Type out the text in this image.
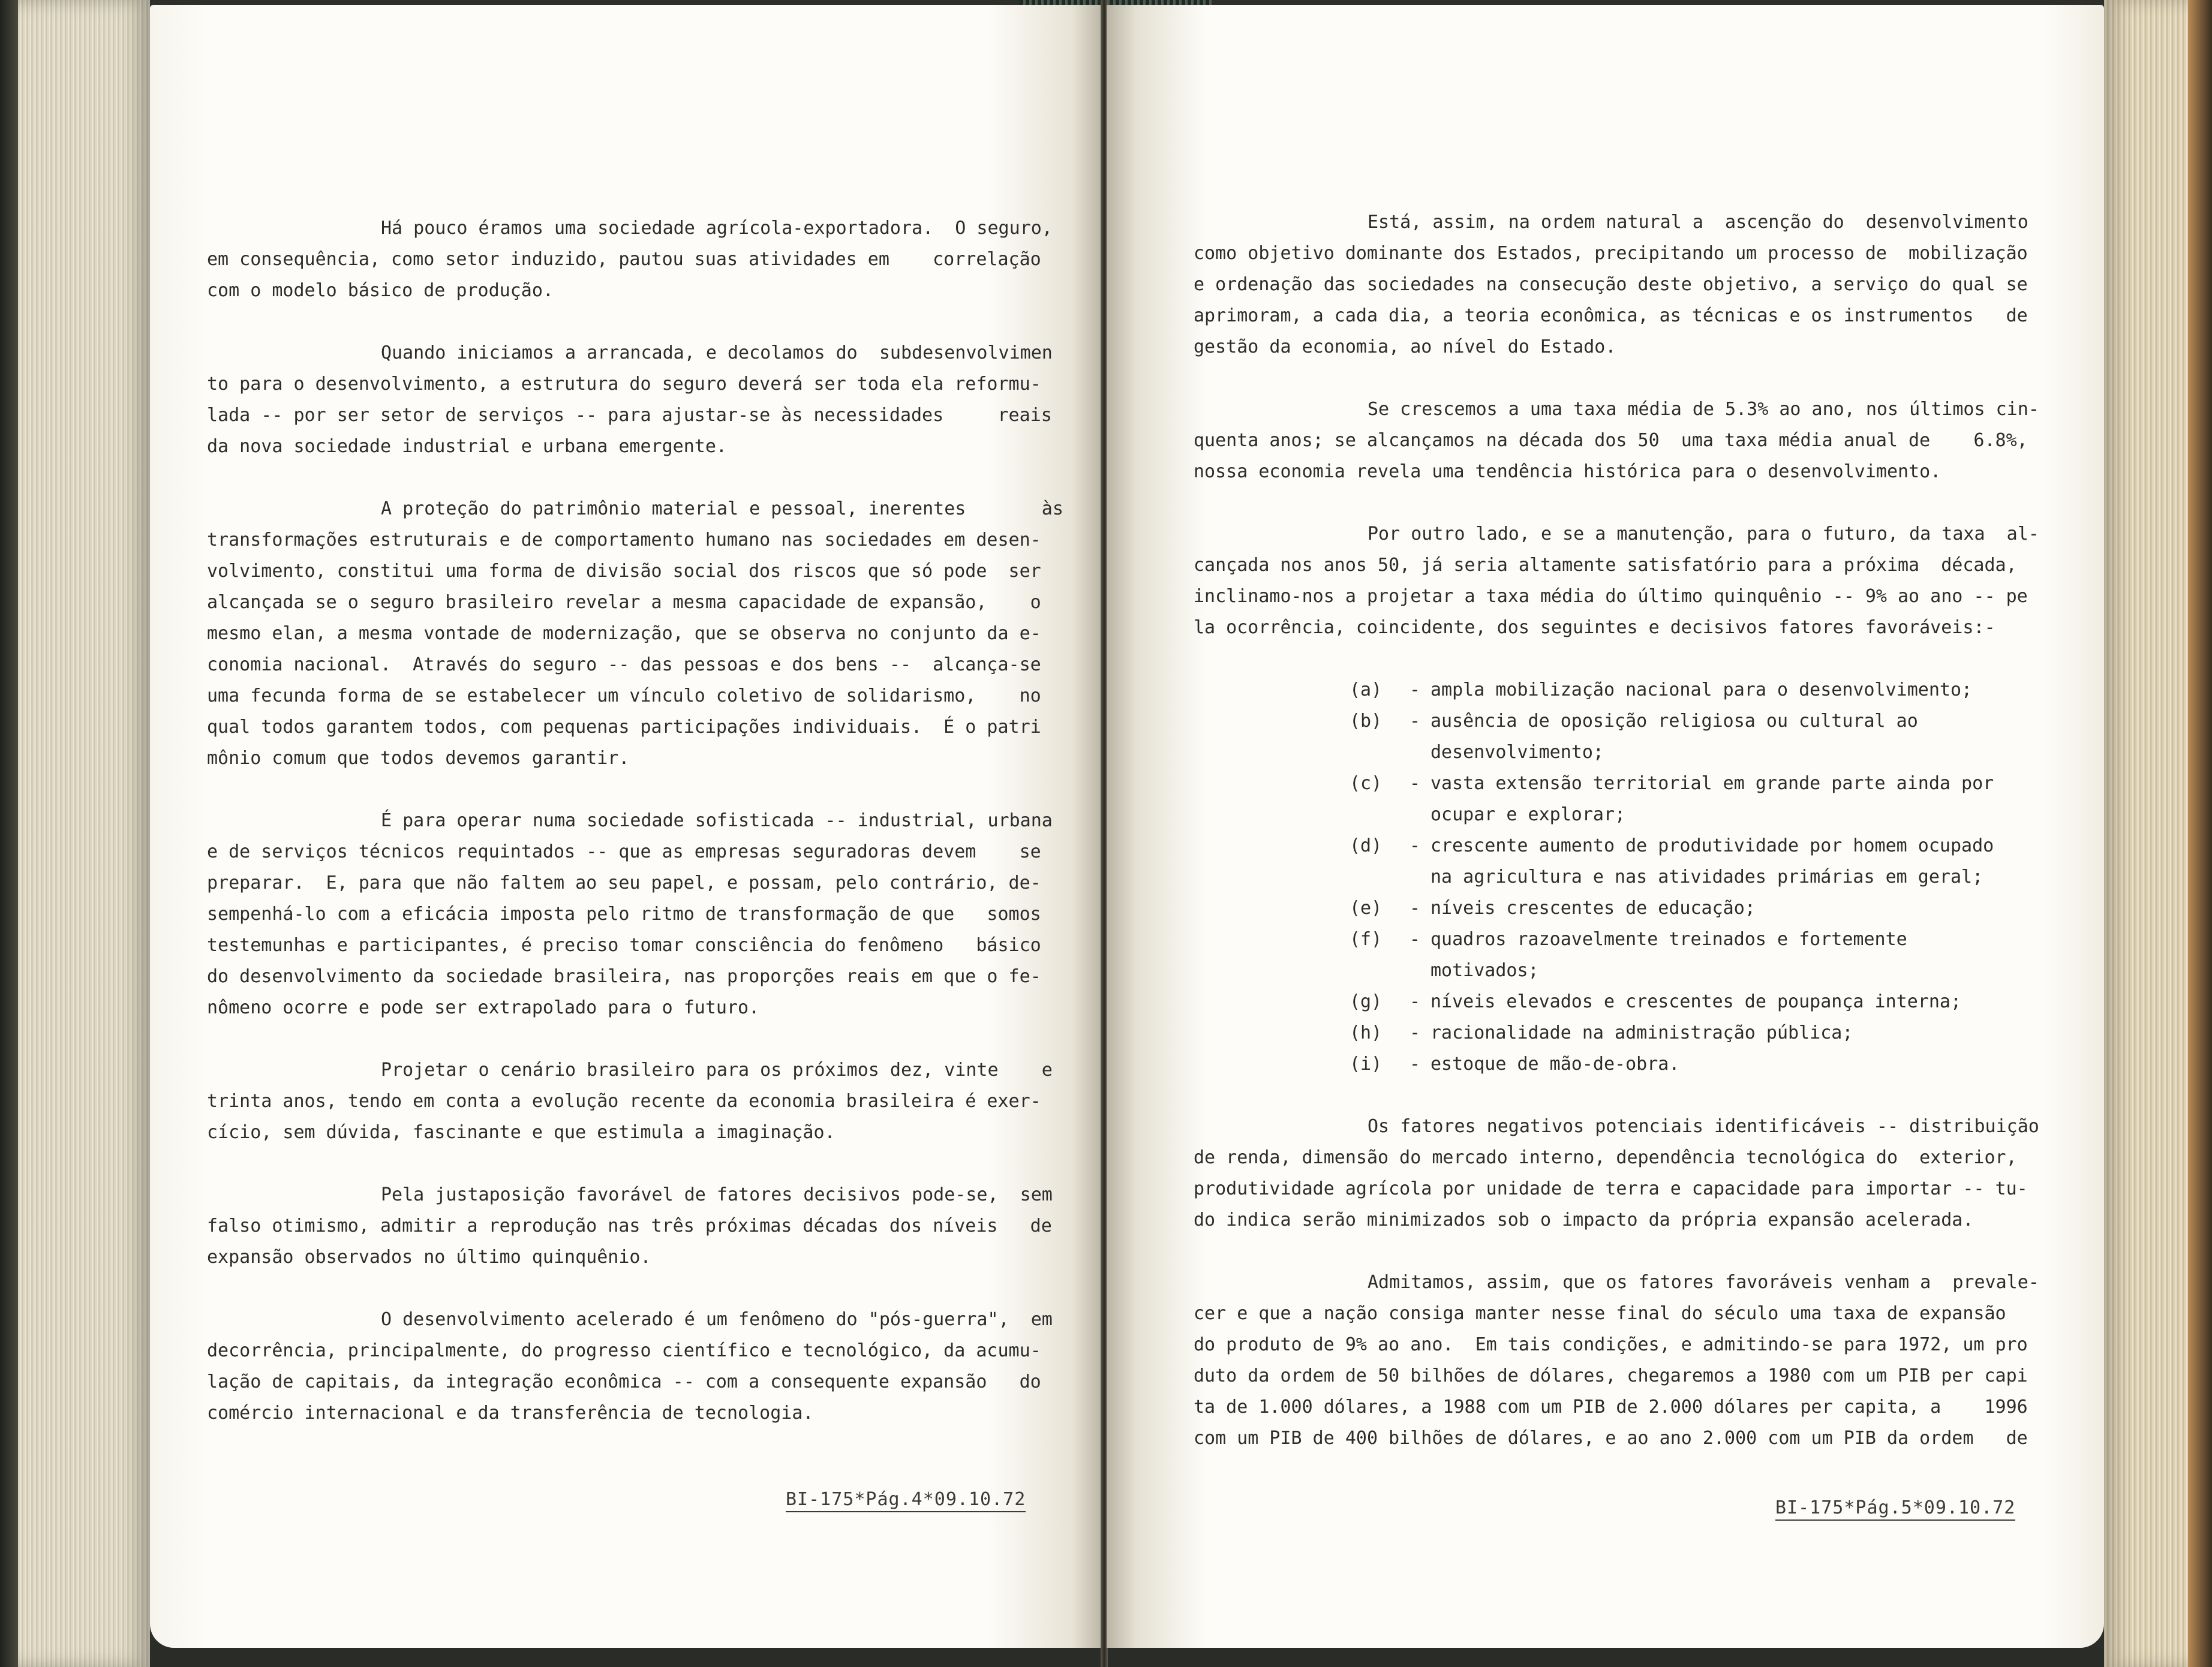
Há pouco éramos uma sociedade agrícola-exportadora.  O seguro,
em consequência, como setor induzido, pautou suas atividades em    correlação
com o modelo básico de produção.

Quando iniciamos a arrancada, e decolamos do  subdesenvolvimen
to para o desenvolvimento, a estrutura do seguro deverá ser toda ela reformu-
lada -- por ser setor de serviços -- para ajustar-se às necessidades     reais
da nova sociedade industrial e urbana emergente.

A proteção do patrimônio material e pessoal, inerentes       às
transformações estruturais e de comportamento humano nas sociedades em desen-
volvimento, constitui uma forma de divisão social dos riscos que só pode  ser
alcançada se o seguro brasileiro revelar a mesma capacidade de expansão,    o
mesmo elan, a mesma vontade de modernização, que se observa no conjunto da e-
conomia nacional.  Através do seguro -- das pessoas e dos bens --  alcança-se
uma fecunda forma de se estabelecer um vínculo coletivo de solidarismo,    no
qual todos garantem todos, com pequenas participações individuais.  É o patri
mônio comum que todos devemos garantir.

É para operar numa sociedade sofisticada -- industrial, urbana
e de serviços técnicos requintados -- que as empresas seguradoras devem    se
preparar.  E, para que não faltem ao seu papel, e possam, pelo contrário, de-
sempenhá-lo com a eficácia imposta pelo ritmo de transformação de que   somos
testemunhas e participantes, é preciso tomar consciência do fenômeno   básico
do desenvolvimento da sociedade brasileira, nas proporções reais em que o fe-
nômeno ocorre e pode ser extrapolado para o futuro.

Projetar o cenário brasileiro para os próximos dez, vinte    e
trinta anos, tendo em conta a evolução recente da economia brasileira é exer-
cício, sem dúvida, fascinante e que estimula a imaginação.

Pela justaposição favorável de fatores decisivos pode-se,  sem
falso otimismo, admitir a reprodução nas três próximas décadas dos níveis   de
expansão observados no último quinquênio.

O desenvolvimento acelerado é um fenômeno do "pós-guerra",  em
decorrência, principalmente, do progresso científico e tecnológico, da acumu-
lação de capitais, da integração econômica -- com a consequente expansão   do
comércio internacional e da transferência de tecnologia.

BI-175*Pág.4*09.10.72

Está, assim, na ordem natural a  ascenção do  desenvolvimento
como objetivo dominante dos Estados, precipitando um processo de  mobilização
e ordenação das sociedades na consecução deste objetivo, a serviço do qual se
aprimoram, a cada dia, a teoria econômica, as técnicas e os instrumentos   de
gestão da economia, ao nível do Estado.

Se crescemos a uma taxa média de 5.3% ao ano, nos últimos cin-
quenta anos; se alcançamos na década dos 50  uma taxa média anual de    6.8%,
nossa economia revela uma tendência histórica para o desenvolvimento.

Por outro lado, e se a manutenção, para o futuro, da taxa  al-
cançada nos anos 50, já seria altamente satisfatório para a próxima  década,
inclinamo-nos a projetar a taxa média do último quinquênio -- 9% ao ano -- pe
la ocorrência, coincidente, dos seguintes e decisivos fatores favoráveis:-

(a)	- ampla mobilização nacional para o desenvolvimento;
(b)	- ausência de oposição religiosa ou cultural ao desenvolvimento;
(c)	- vasta extensão territorial em grande parte ainda por ocupar e explorar;
(d)	- crescente aumento de produtividade por homem ocupado na agricultura e nas atividades primárias em geral;
(e)	- níveis crescentes de educação;
(f)	- quadros razoavelmente treinados e fortemente motivados;
(g)	- níveis elevados e crescentes de poupança interna;
(h)	- racionalidade na administração pública;
(i)	- estoque de mão-de-obra.

Os fatores negativos potenciais identificáveis -- distribuição
de renda, dimensão do mercado interno, dependência tecnológica do  exterior,
produtividade agrícola por unidade de terra e capacidade para importar -- tu-
do indica serão minimizados sob o impacto da própria expansão acelerada.

Admitamos, assim, que os fatores favoráveis venham a  prevale-
cer e que a nação consiga manter nesse final do século uma taxa de expansão
do produto de 9% ao ano.  Em tais condições, e admitindo-se para 1972, um pro
duto da ordem de 50 bilhões de dólares, chegaremos a 1980 com um PIB per capi
ta de 1.000 dólares, a 1988 com um PIB de 2.000 dólares per capita, a    1996
com um PIB de 400 bilhões de dólares, e ao ano 2.000 com um PIB da ordem   de

BI-175*Pág.5*09.10.72
